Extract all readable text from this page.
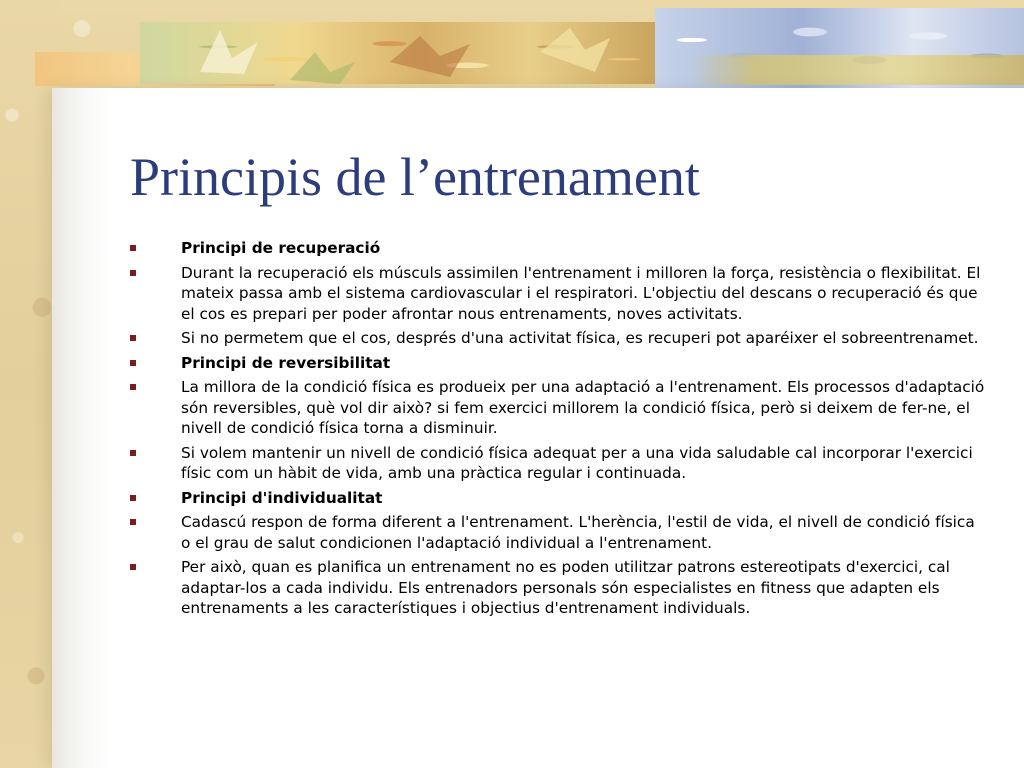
Principis de l’entrenament
Principi de recuperació
Durant la recuperació els músculs assimilen l'entrenament i milloren la força, resistència o flexibilitat. El mateix passa amb el sistema cardiovascular i el respiratori. L'objectiu del descans o recuperació és que el cos es prepari per poder afrontar nous entrenaments, noves activitats.
Si no permetem que el cos, després d'una activitat física, es recuperi pot aparéixer el sobreentrenamet.
Principi de reversibilitat
La millora de la condició física es produeix per una adaptació a l'entrenament. Els processos d'adaptació són reversibles, què vol dir això? si fem exercici millorem la condició física, però si deixem de fer-ne, el nivell de condició física torna a disminuir.
Si volem mantenir un nivell de condició física adequat per a una vida saludable cal incorporar l'exercici físic com un hàbit de vida, amb una pràctica regular i continuada.
Principi d'individualitat
Cadascú respon de forma diferent a l'entrenament. L'herència, l'estil de vida, el nivell de condició física o el grau de salut condicionen l'adaptació individual a l'entrenament.
Per això, quan es planifica un entrenament no es poden utilitzar patrons estereotipats d'exercici, cal adaptar-los a cada individu. Els entrenadors personals són especialistes en fitness que adapten els entrenaments a les característiques i objectius d'entrenament individuals.
